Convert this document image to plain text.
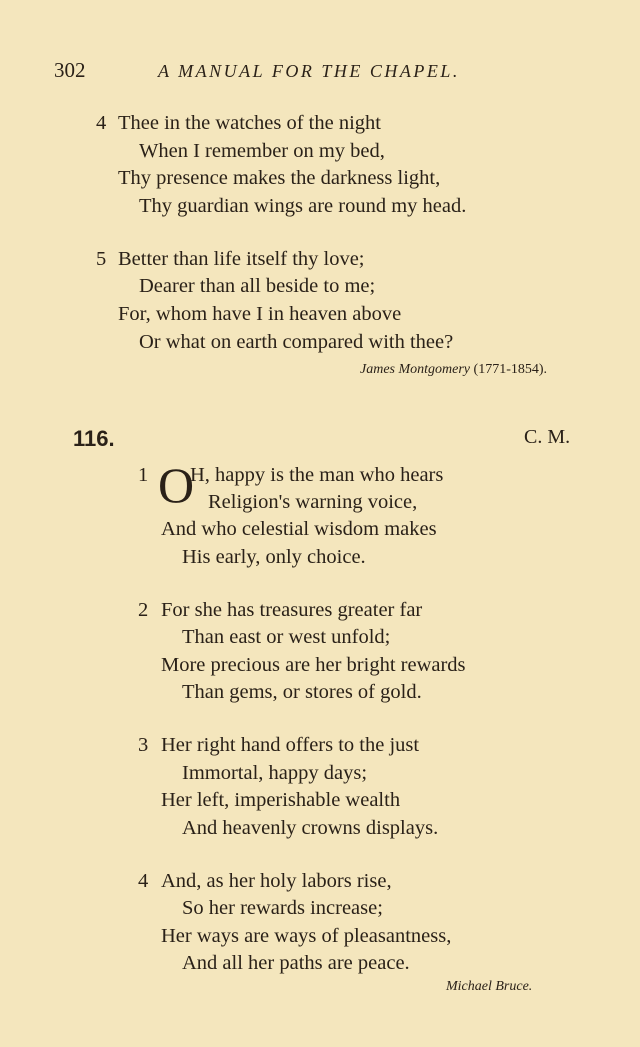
302	A MANUAL FOR THE CHAPEL.
4 Thee in the watches of the night
When I remember on my bed,
Thy presence makes the darkness light,
Thy guardian wings are round my head.
5 Better than life itself thy love;
Dearer than all beside to me;
For, whom have I in heaven above
Or what on earth compared with thee?
James Montgomery (1771-1854).
116.	C. M.
1 O
H, happy is the man who hears
Religion's warning voice,
And who celestial wisdom makes
His early, only choice.
2 For she has treasures greater far
Than east or west unfold;
More precious are her bright rewards
Than gems, or stores of gold.
3 Her right hand offers to the just
Immortal, happy days;
Her left, imperishable wealth
And heavenly crowns displays.
4 And, as her holy labors rise,
So her rewards increase;
Her ways are ways of pleasantness,
And all her paths are peace.
Michael Bruce.
